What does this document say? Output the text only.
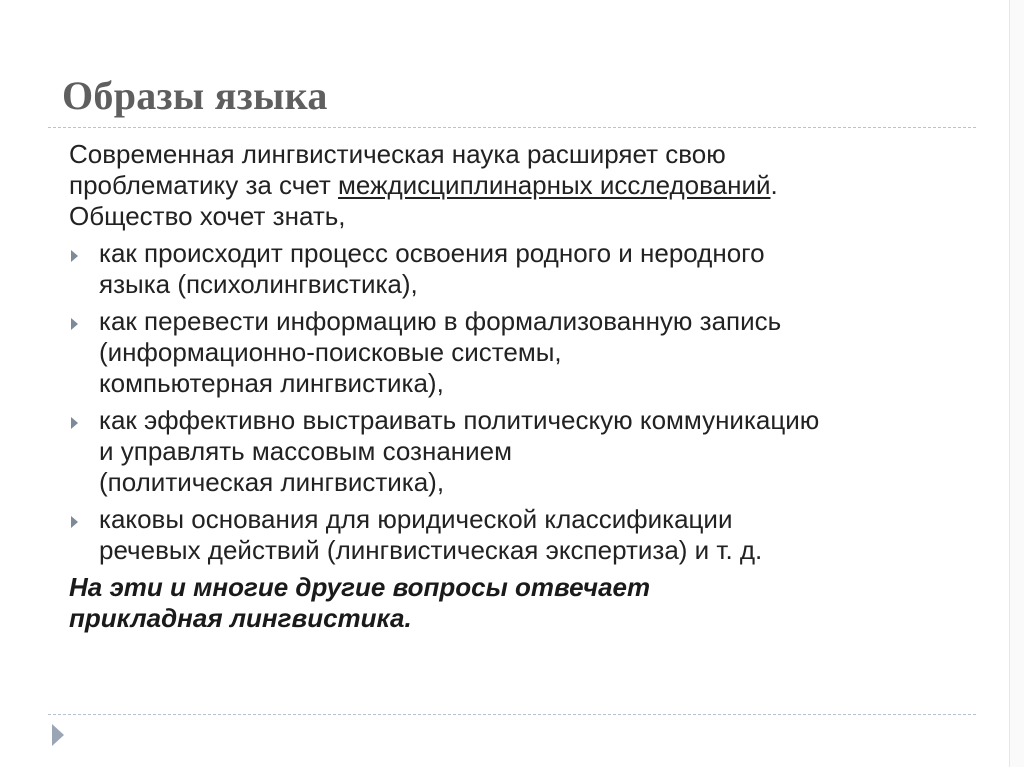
Образы языка

Современная лингвистическая наука расширяет свою
проблематику за счет междисциплинарных исследований.
Общество хочет знать,

как происходит процесс освоения родного и неродного
языка (психолингвистика),
как перевести информацию в формализованную запись
(информационно-поисковые системы,
компьютерная лингвистика),
как эффективно выстраивать политическую коммуникацию
и управлять массовым сознанием
(политическая лингвистика),
каковы основания для юридической классификации
речевых действий (лингвистическая экспертиза) и т. д.

На эти и многие другие вопросы отвечает
прикладная лингвистика.
